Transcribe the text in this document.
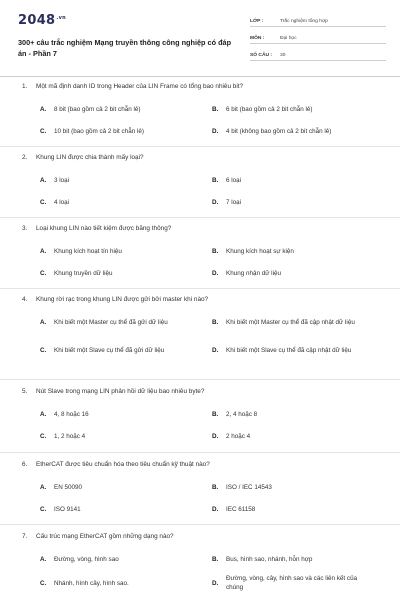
$2048^{.vn}$
300+ câu trắc nghiệm Mạng truyền thông công nghiệp có đáp án - Phần 7
LỚP :	Trắc nghiệm tổng hợp
MÔN :	Đại học
SỐ CÂU :	30
1.	Một mã định danh ID trong Header của LIN Frame có tổng bao nhiêu bit?
A.	8 bit (bao gồm cả 2 bit chẵn lẻ)	B.	6 bit (bao gồm cả 2 bit chẵn lẻ)
C.	10 bit (bao gồm cả 2 bit chẵn lẻ)	D.	4 bit (không bao gồm cả 2 bit chẵn lẻ)
2.	Khung LIN được chia thành mấy loại?
A.	3 loại	B.	6 loại
C.	4 loại	D.	7 loại
3.	Loại khung LIN nào tiết kiệm được băng thông?
A.	Khung kích hoạt tín hiệu	B.	Khung kích hoạt sự kiện
C.	Khung truyền dữ liệu	D.	Khung nhận dữ liệu
4.	Khung rời rạc trong khung LIN được gửi bởi master khi nào?
A.	Khi biết một Master cụ thể đã gửi dữ liệu	B.	Khi biết một Master cụ thể đã cập nhật dữ liệu
C.	Khi biết một Slave cụ thể đã gửi dữ liệu	D.	Khi biết một Slave cụ thể đã cập nhật dữ liệu
5.	Nút Slave trong mạng LIN phản hồi dữ liệu bao nhiêu byte?
A.	4, 8 hoặc 16	B.	2, 4 hoặc 8
C.	1, 2 hoặc 4	D.	2 hoặc 4
6.	EtherCAT được tiêu chuẩn hóa theo tiêu chuẩn kỹ thuật nào?
A.	EN 50090	B.	ISO / IEC 14543
C.	ISO 9141	D.	IEC 61158
7.	Cấu trúc mạng EtherCAT gồm những dạng nào?
A.	Đường, vòng, hình sao	B.	Bus, hình sao, nhánh, hỗn hợp
C.	Nhánh, hình cây, hình sao.	D.
Đường, vòng, cây, hình sao và các liên kết của chúng
